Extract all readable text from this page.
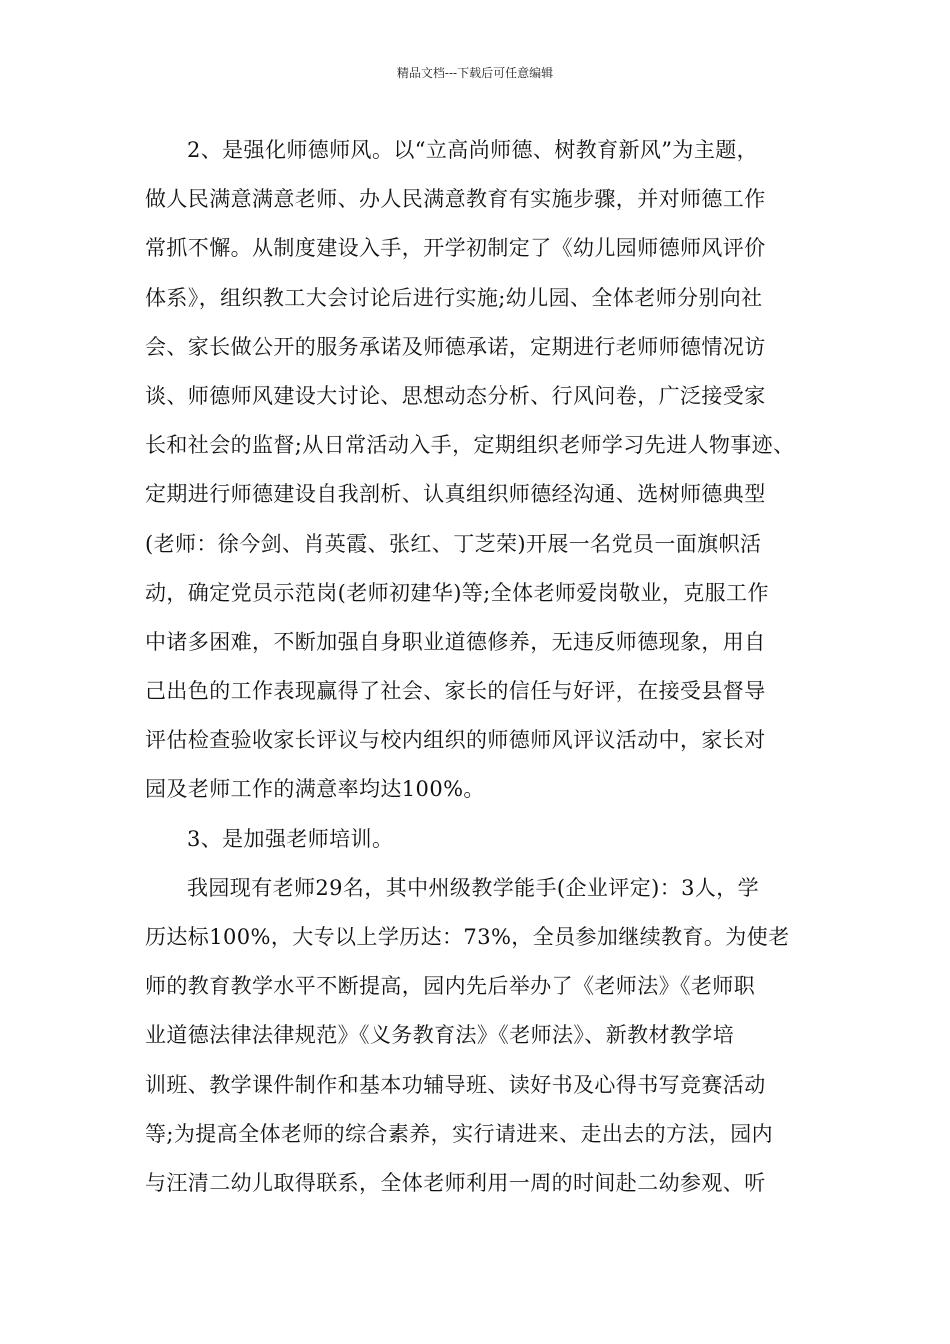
精品文档---下载后可任意编辑
2、是强化师德师风。以“立高尚师德、树教育新风”为主题，
做人民满意满意老师、办人民满意教育有实施步骤，并对师德工作
常抓不懈。从制度建设入手，开学初制定了《幼儿园师德师风评价
体系》，组织教工大会讨论后进行实施;幼儿园、全体老师分别向社
会、家长做公开的服务承诺及师德承诺，定期进行老师师德情况访
谈、师德师风建设大讨论、思想动态分析、行风问卷，广泛接受家
长和社会的监督;从日常活动入手，定期组织老师学习先进人物事迹、
定期进行师德建设自我剖析、认真组织师德经沟通、选树师德典型
(老师：徐今剑、肖英霞、张红、丁芝荣)开展一名党员一面旗帜活
动，确定党员示范岗(老师初建华)等;全体老师爱岗敬业，克服工作
中诸多困难，不断加强自身职业道德修养，无违反师德现象，用自
己出色的工作表现赢得了社会、家长的信任与好评，在接受县督导
评估检查验收家长评议与校内组织的师德师风评议活动中，家长对
园及老师工作的满意率均达100%。
3、是加强老师培训。
我园现有老师29名，其中州级教学能手(企业评定)：3人，学
历达标100%，大专以上学历达：73%，全员参加继续教育。为使老
师的教育教学水平不断提高，园内先后举办了《老师法》《老师职
业道德法律法律规范》《义务教育法》《老师法》、新教材教学培
训班、教学课件制作和基本功辅导班、读好书及心得书写竞赛活动
等;为提高全体老师的综合素养，实行请进来、走出去的方法，园内
与汪清二幼儿取得联系，全体老师利用一周的时间赴二幼参观、听
